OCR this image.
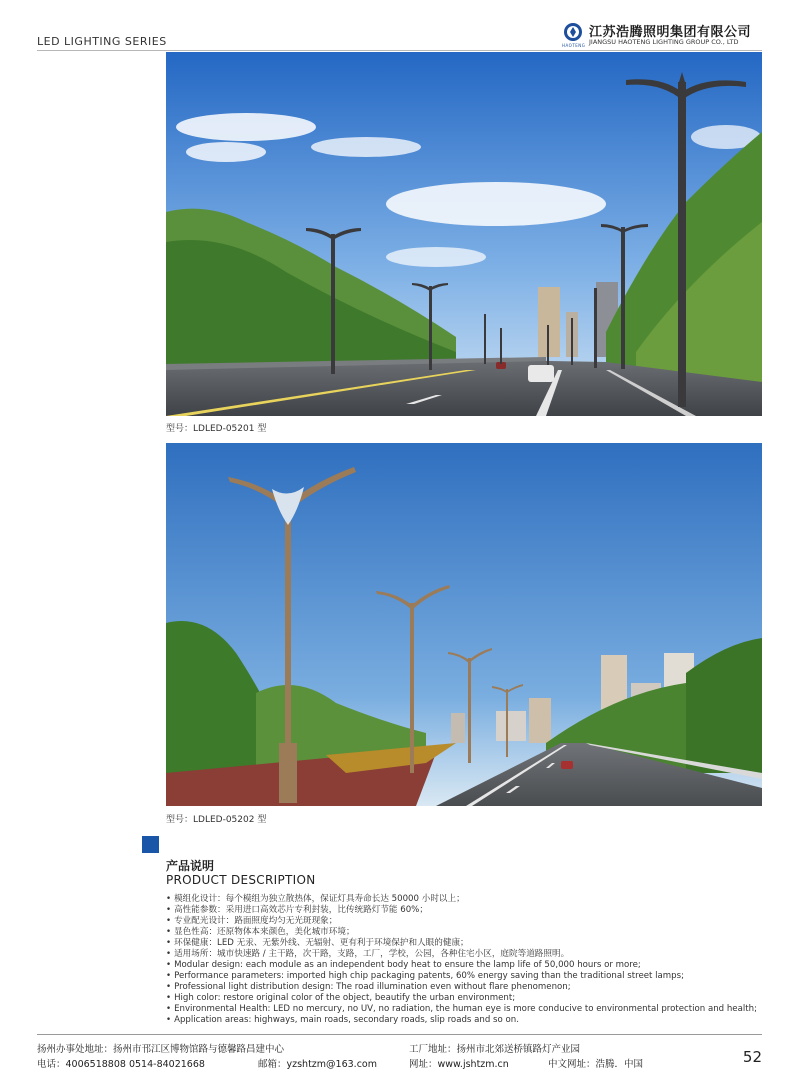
LED LIGHTING SERIES	HAOTENG
江苏浩腾照明集团有限公司
JIANGSU HAOTENG LIGHTING GROUP CO., LTD
型号：LDLED-05201 型
型号：LDLED-05202 型
产品说明
PRODUCT DESCRIPTION
• 模组化设计：每个模组为独立散热体，保证灯具寿命长达 50000 小时以上；
• 高性能参数：采用进口高效芯片专利封装，比传统路灯节能 60%；
• 专业配光设计：路面照度均匀无光斑现象；
• 显色性高：还原物体本来颜色，美化城市环境；
• 环保健康：LED 无汞、无紫外线、无辐射、更有利于环境保护和人眼的健康；
• 适用场所：城市快速路 / 主干路，次干路，支路，工厂，学校，公园，各种住宅小区，庭院等道路照明。
• Modular design: each module as an independent body heat to ensure the lamp life of 50,000 hours or more;
• Performance parameters: imported high chip packaging patents, 60% energy saving than the traditional street lamps;
• Professional light distribution design: The road illumination even without flare phenomenon;
• High color: restore original color of the object, beautify the urban environment;
• Environmental Health: LED no mercury, no UV, no radiation, the human eye is more conducive to environmental protection and health;
• Application areas: highways, main roads, secondary roads, slip roads and so on.
扬州办事处地址：扬州市邗江区博物馆路与德馨路昌建中心
电话：4006518808 0514-84021668	邮箱：yzshtzm@163.com
工厂地址：扬州市北郊送桥镇路灯产业园
网址：www.jshtzm.cn	中文网址：浩腾．中国	52
